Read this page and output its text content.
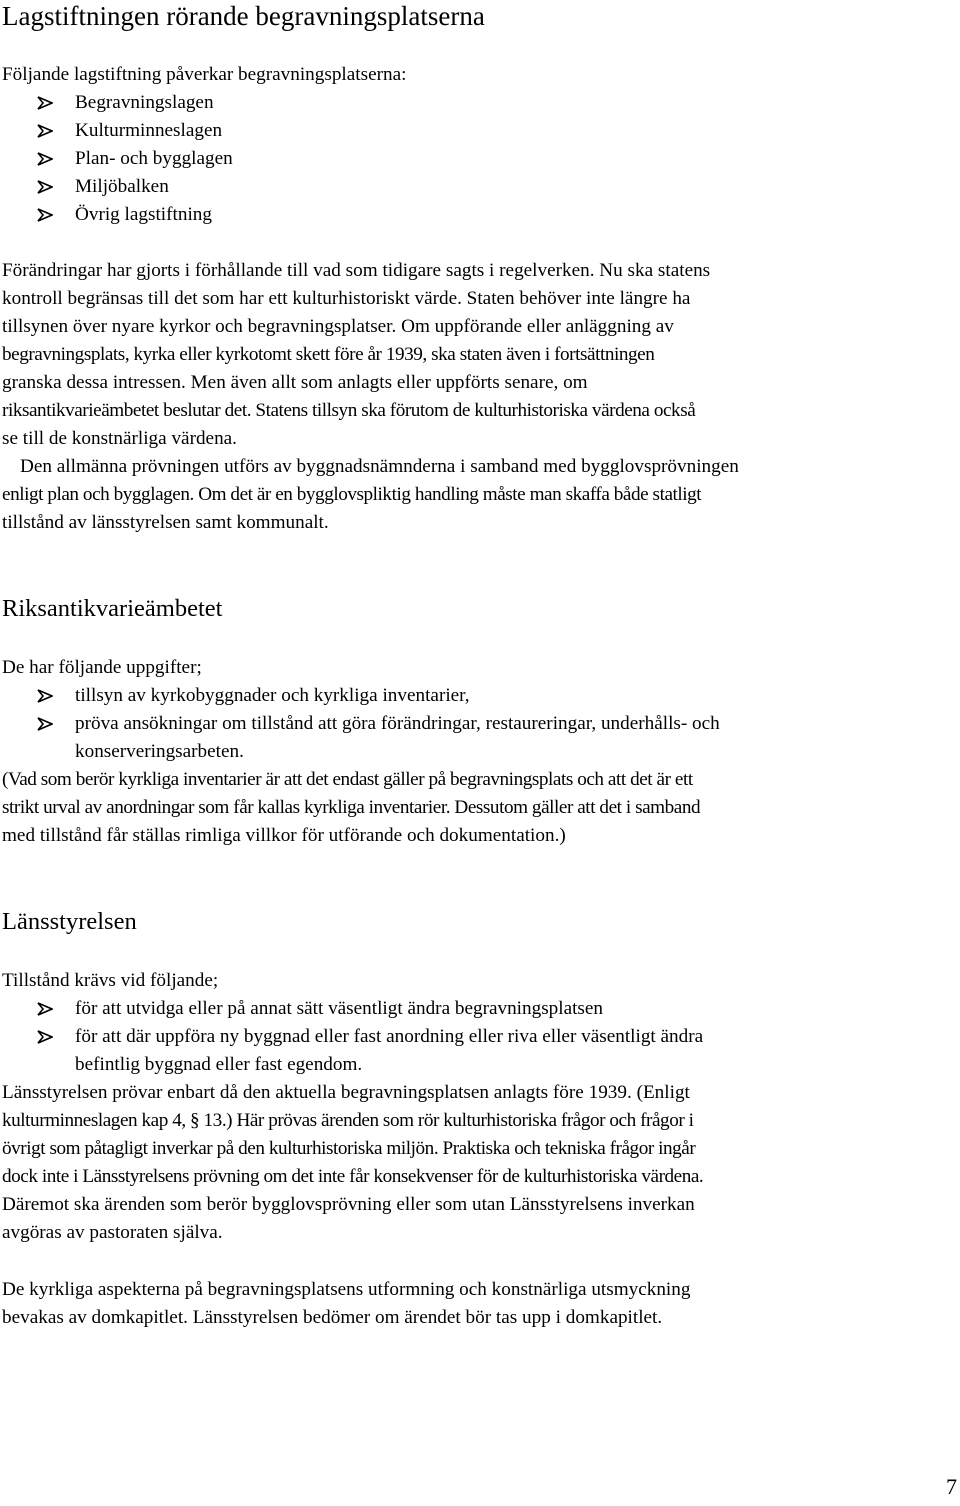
Lagstiftningen rörande begravningsplatserna

Följande lagstiftning påverkar begravningsplatserna:

Begravningslagen
Kulturminneslagen
Plan- och bygglagen
Miljöbalken
Övrig lagstiftning

Förändringar har gjorts i förhållande till vad som tidigare sagts i regelverken. Nu ska statens
kontroll begränsas till det som har ett kulturhistoriskt värde. Staten behöver inte längre ha
tillsynen över nyare kyrkor och begravningsplatser. Om uppförande eller anläggning av
begravningsplats, kyrka eller kyrkotomt skett före år 1939, ska staten även i fortsättningen
granska dessa intressen. Men även allt som anlagts eller uppförts senare, om
riksantikvarieämbetet beslutar det. Statens tillsyn ska förutom de kulturhistoriska värdena också
se till de konstnärliga värdena.

Den allmänna prövningen utförs av byggnadsnämnderna i samband med bygglovsprövningen
enligt plan och bygglagen. Om det är en bygglovspliktig handling måste man skaffa både statligt
tillstånd av länsstyrelsen samt kommunalt.

Riksantikvarieämbetet

De har följande uppgifter;

tillsyn av kyrkobyggnader och kyrkliga inventarier,
pröva ansökningar om tillstånd att göra förändringar, restaureringar, underhålls- och
konserveringsarbeten.

(Vad som berör kyrkliga inventarier är att det endast gäller på begravningsplats och att det är ett
strikt urval av anordningar som får kallas kyrkliga inventarier. Dessutom gäller att det i samband
med tillstånd får ställas rimliga villkor för utförande och dokumentation.)

Länsstyrelsen

Tillstånd krävs vid följande;

för att utvidga eller på annat sätt väsentligt ändra begravningsplatsen
för att där uppföra ny byggnad eller fast anordning eller riva eller väsentligt ändra
befintlig byggnad eller fast egendom.

Länsstyrelsen prövar enbart då den aktuella begravningsplatsen anlagts före 1939. (Enligt
kulturminneslagen kap 4, § 13.) Här prövas ärenden som rör kulturhistoriska frågor och frågor i
övrigt som påtagligt inverkar på den kulturhistoriska miljön. Praktiska och tekniska frågor ingår
dock inte i Länsstyrelsens prövning om det inte får konsekvenser för de kulturhistoriska värdena.
Däremot ska ärenden som berör bygglovsprövning eller som utan Länsstyrelsens inverkan
avgöras av pastoraten själva.

De kyrkliga aspekterna på begravningsplatsens utformning och konstnärliga utsmyckning
bevakas av domkapitlet. Länsstyrelsen bedömer om ärendet bör tas upp i domkapitlet.

7
